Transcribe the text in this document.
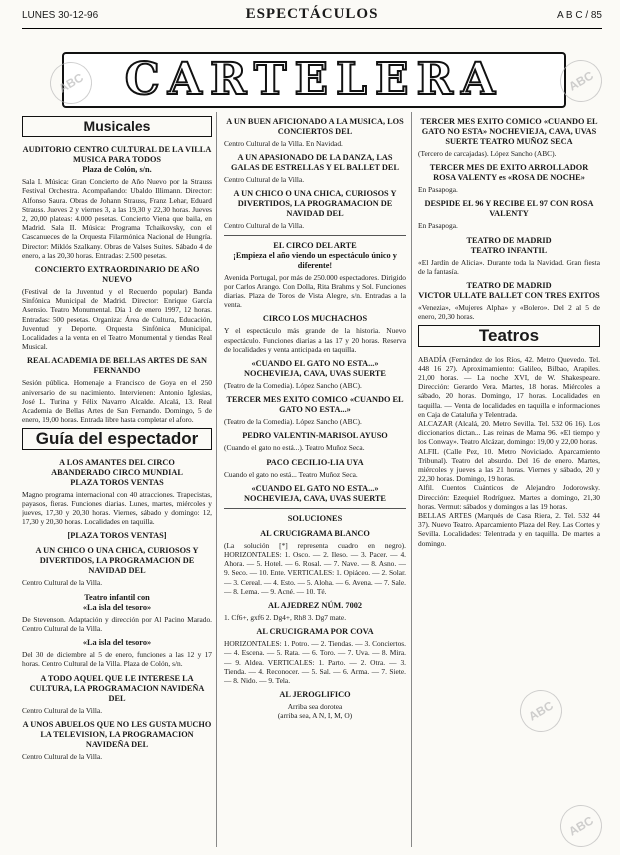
LUNES 30-12-96	ESPECTÁCULOS	A B C / 85
CARTELERA
ABC	ABC
ABC
ABC
Musicales
AUDITORIO CENTRO CULTURAL DE LA VILLA
MUSICA PARA TODOS
Plaza de Colón, s/n.
Sala I. Música: Gran Concierto de Año Nuevo por la Strauss Festival Orchestra. Acompañando: Ubaldo Illimann. Director: Alfonso Saura. Obras de Johann Strauss, Franz Lehar, Eduard Strauss. Jueves 2 y viernes 3, a las 19,30 y 22,30 horas. Jueves 2, 20,00 plateas: 4.000 pesetas. Concierto Viena que baila, en Madrid. Sala II. Música: Programa Tchaikovsky, con el Cascanueces de la Orquesta Filarmónica Nacional de Hungría. Director: Miklós Szalkany. Obras de Valses Suites. Sábado 4 de enero, a las 20,30 horas. Entradas: 2.500 pesetas.
CONCIERTO EXTRAORDINARIO DE AÑO NUEVO
(Festival de la Juventud y el Recuerdo popular) Banda Sinfónica Municipal de Madrid. Director: Enrique García Asensio. Teatro Monumental. Día 1 de enero 1997, 12 horas. Entradas: 500 pesetas. Organiza: Área de Cultura, Educación, Juventud y Deporte. Orquesta Sinfónica Municipal. Localidades a la venta en el Teatro Monumental y tiendas Real Musical.
REAL ACADEMIA DE BELLAS ARTES DE SAN FERNANDO
Sesión pública. Homenaje a Francisco de Goya en el 250 aniversario de su nacimiento. Intervienen: Antonio Iglesias, José L. Turina y Félix Navarro Alcalde. Alcalá, 13. Real Academia de Bellas Artes de San Fernando. Domingo, 5 de enero, 19,00 horas. Entrada libre hasta completar el aforo.
Guía del espectador
A LOS AMANTES DEL CIRCO
ABANDERADO CIRCO MUNDIAL
PLAZA TOROS VENTAS
Magno programa internacional con 40 atracciones. Trapecistas, payasos, fieras. Funciones diarias. Lunes, martes, miércoles y jueves, 17,30 y 20,30 horas. Viernes, sábado y domingo: 12, 17,30 y 20,30 horas. Localidades en taquilla.
[PLAZA TOROS VENTAS]
A UN CHICO O UNA CHICA, CURIOSOS Y DIVERTIDOS, LA PROGRAMACION DE NAVIDAD DEL
Centro Cultural de la Villa.
Teatro infantil con
«La isla del tesoro»
De Stevenson. Adaptación y dirección por Al Pacino Marado. Centro Cultural de la Villa.
«La isla del tesoro»
Del 30 de diciembre al 5 de enero, funciones a las 12 y 17 horas. Centro Cultural de la Villa. Plaza de Colón, s/n.
A TODO AQUEL QUE LE INTERESE LA CULTURA, LA PROGRAMACION NAVIDEÑA DEL
Centro Cultural de la Villa.
A UNOS ABUELOS QUE NO LES GUSTA MUCHO LA TELEVISION, LA PROGRAMACION NAVIDEÑA DEL
Centro Cultural de la Villa.
A UN BUEN AFICIONADO A LA MUSICA, LOS CONCIERTOS DEL
Centro Cultural de la Villa. En Navidad.
A UN APASIONADO DE LA DANZA, LAS GALAS DE ESTRELLAS Y EL BALLET DEL
Centro Cultural de la Villa.
A UN CHICO O UNA CHICA, CURIOSOS Y DIVERTIDOS, LA PROGRAMACION DE NAVIDAD DEL
Centro Cultural de la Villa.
EL CIRCO DEL ARTE
¡Empieza el año viendo un espectáculo único y diferente!
Avenida Portugal, por más de 250.000 espectadores. Dirigido por Carlos Arango. Con Dolla, Rita Brahms y Sol. Funciones diarias. Plaza de Toros de Vista Alegre, s/n. Entradas a la venta.
CIRCO LOS MUCHACHOS
Y el espectáculo más grande de la historia. Nuevo espectáculo. Funciones diarias a las 17 y 20 horas. Reserva de localidades y venta anticipada en taquilla.
«CUANDO EL GATO NO ESTA...» NOCHEVIEJA, CAVA, UVAS SUERTE
(Teatro de la Comedia). López Sancho (ABC).
TERCER MES EXITO COMICO «CUANDO EL GATO NO ESTA...»
(Teatro de la Comedia). López Sancho (ABC).
PEDRO VALENTIN-MARISOL AYUSO
(Cuando el gato no está...). Teatro Muñoz Seca.
PACO CECILIO-LIA UYA
Cuando el gato no está... Teatro Muñoz Seca.
«CUANDO EL GATO NO ESTA...» NOCHEVIEJA, CAVA, UVAS SUERTE
SOLUCIONES
AL CRUCIGRAMA BLANCO
(La solución [*] representa cuadro en negro). HORIZONTALES: 1. Osco. — 2. Ileso. — 3. Pacer. — 4. Ahora. — 5. Hotel. — 6. Rosal. — 7. Nave. — 8. Asno. — 9. Seco. — 10. Ente. VERTICALES: 1. Opiáceo. — 2. Solar. — 3. Cereal. — 4. Esto. — 5. Aloha. — 6. Avena. — 7. Sale. — 8. Lema. — 9. Acné. — 10. Té.
AL AJEDREZ NÚM. 7002
1. Cf6+, gxf6 2. Dg4+, Rh8 3. Dg7 mate.
AL CRUCIGRAMA POR COVA
HORIZONTALES: 1. Potro. — 2. Tiendas. — 3. Conciertos. — 4. Escena. — 5. Rata. — 6. Toro. — 7. Uva. — 8. Mira. — 9. Aldea. VERTICALES: 1. Parto. — 2. Otra. — 3. Tienda. — 4. Reconocer. — 5. Sal. — 6. Arma. — 7. Siete. — 8. Nido. — 9. Tela.
AL JEROGLIFICO
Arriba sea dorotea
(arriba sea, A N, I, M, O)
TERCER MES EXITO COMICO «CUANDO EL GATO NO ESTA» NOCHEVIEJA, CAVA, UVAS SUERTE TEATRO MUÑOZ SECA
(Tercero de carcajadas). López Sancho (ABC).
TERCER MES DE EXITO ARROLLADOR ROSA VALENTY es «ROSA DE NOCHE»
En Pasapoga.
DESPIDE EL 96 Y RECIBE EL 97 CON ROSA VALENTY
En Pasapoga.
TEATRO DE MADRID
TEATRO INFANTIL
«El Jardín de Alicia». Durante toda la Navidad. Gran fiesta de la fantasía.
TEATRO DE MADRID
VICTOR ULLATE BALLET CON TRES EXITOS
«Venezia», «Mujeres Alpha» y «Bolero». Del 2 al 5 de enero, 20,30 horas.
Teatros
ABADÍA (Fernández de los Ríos, 42. Metro Quevedo. Tel. 448 16 27). Aproximamiento: Galileo, Bilbao, Arapiles. 21,00 horas. — La noche XVI, de W. Shakespeare. Dirección: Gerardo Vera. Martes, 18 horas. Miércoles a sábado, 20 horas. Domingo, 17 horas. Localidades en taquilla. — Venta de localidades en taquilla e informaciones en Caja de Cataluña y Telentrada.
ALCAZAR (Alcalá, 20. Metro Sevilla. Tel. 532 06 16). Los diccionarios dictan... Las reinas de Mama 96. «El tiempo y los Conway». Teatro Alcázar, domingo: 19,00 y 22,00 horas.
ALFIL (Calle Pez, 10. Metro Noviciado. Aparcamiento Tribunal). Teatro del absurdo. Del 16 de enero. Martes, miércoles y jueves a las 21 horas. Viernes y sábado, 20 y 22,30 horas. Domingo, 19 horas.
Alfil. Cuentos Cuánticos de Alejandro Jodorowsky. Dirección: Ezequiel Rodríguez. Martes a domingo, 21,30 horas. Vermut: sábados y domingos a las 19 horas.
BELLAS ARTES (Marqués de Casa Riera, 2. Tel. 532 44 37). Nuevo Teatro. Aparcamiento Plaza del Rey. Las Cortes y Sevilla. Localidades: Telentrada y en taquilla. De martes a domingo.
